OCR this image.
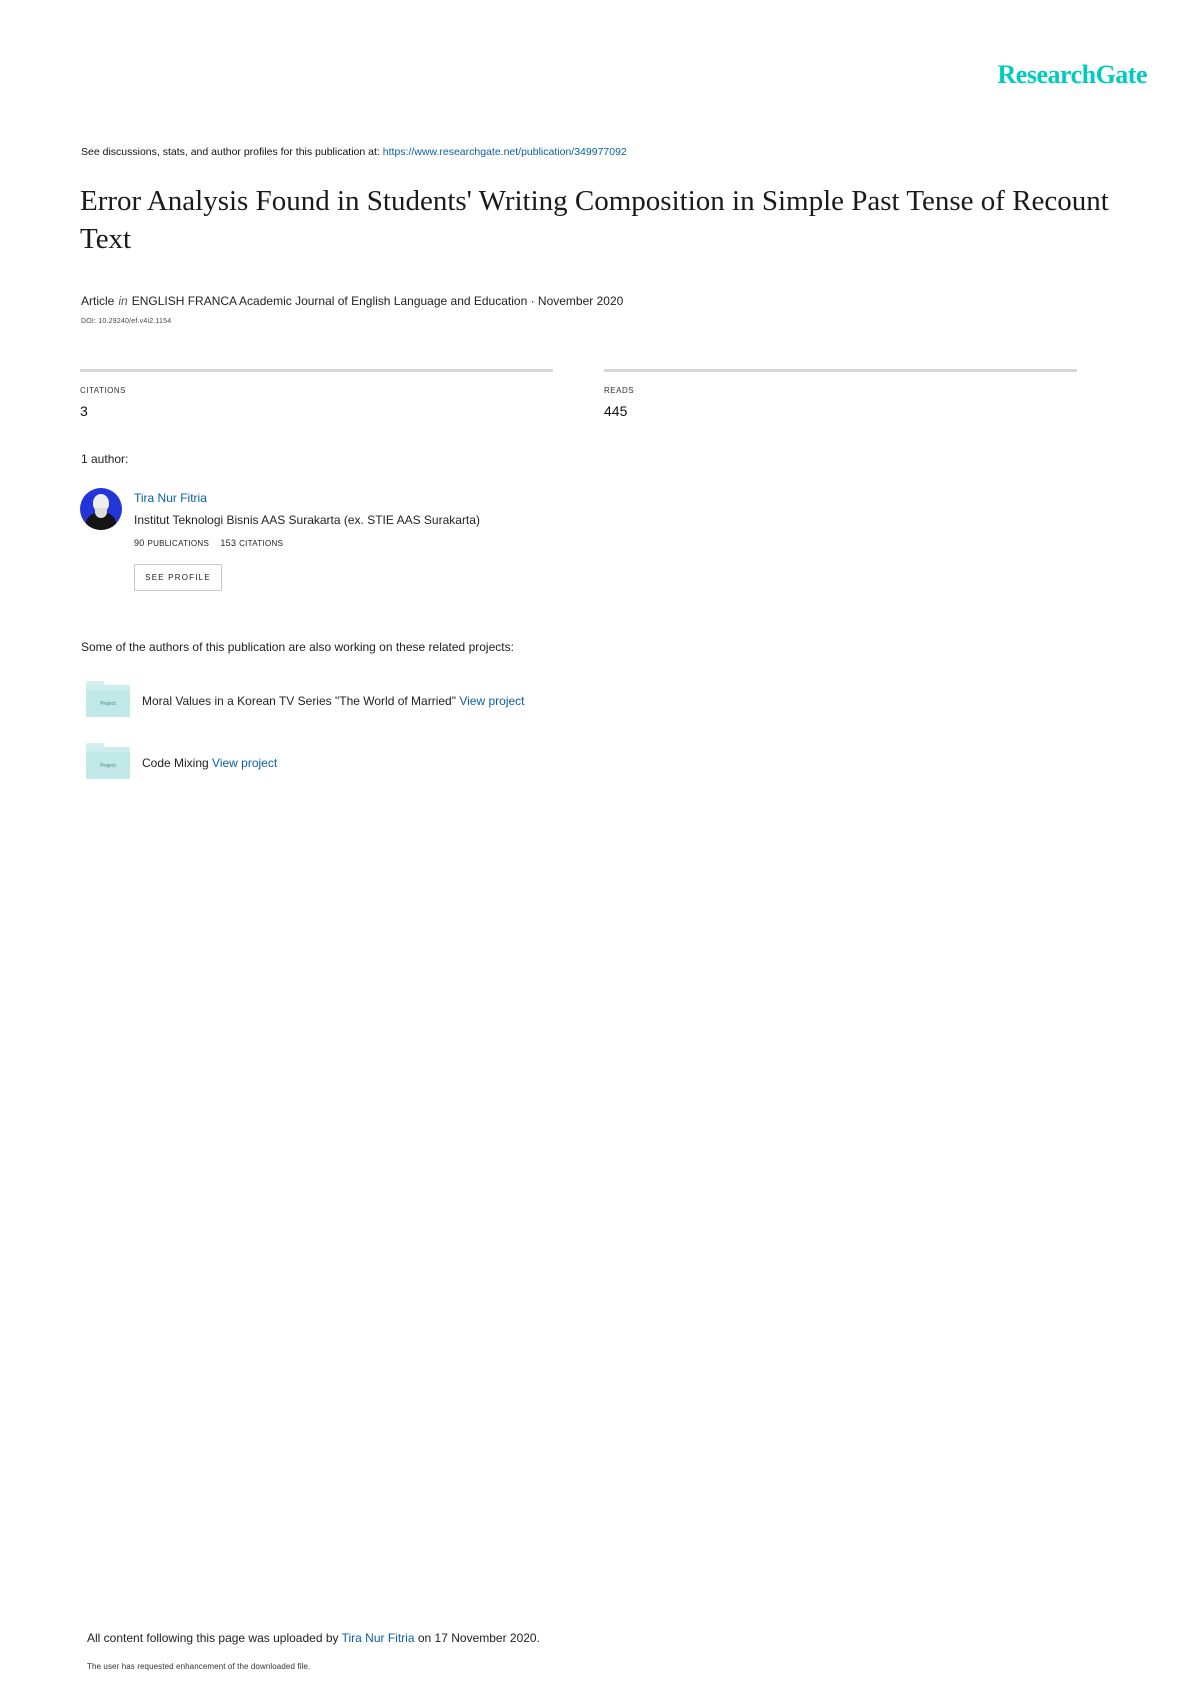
ResearchGate
See discussions, stats, and author profiles for this publication at: https://www.researchgate.net/publication/349977092
Error Analysis Found in Students' Writing Composition in Simple Past Tense of Recount Text
Article in ENGLISH FRANCA Academic Journal of English Language and Education · November 2020
DOI: 10.29240/ef.v4i2.1154
CITATIONS
3
READS
445
1 author:
Tira Nur Fitria
Institut Teknologi Bisnis AAS Surakarta (ex. STIE AAS Surakarta)
90 PUBLICATIONS 153 CITATIONS
SEE PROFILE
Some of the authors of this publication are also working on these related projects:
Project	Moral Values in a Korean TV Series "The World of Married" View project
Project	Code Mixing View project
All content following this page was uploaded by Tira Nur Fitria on 17 November 2020.
The user has requested enhancement of the downloaded file.
